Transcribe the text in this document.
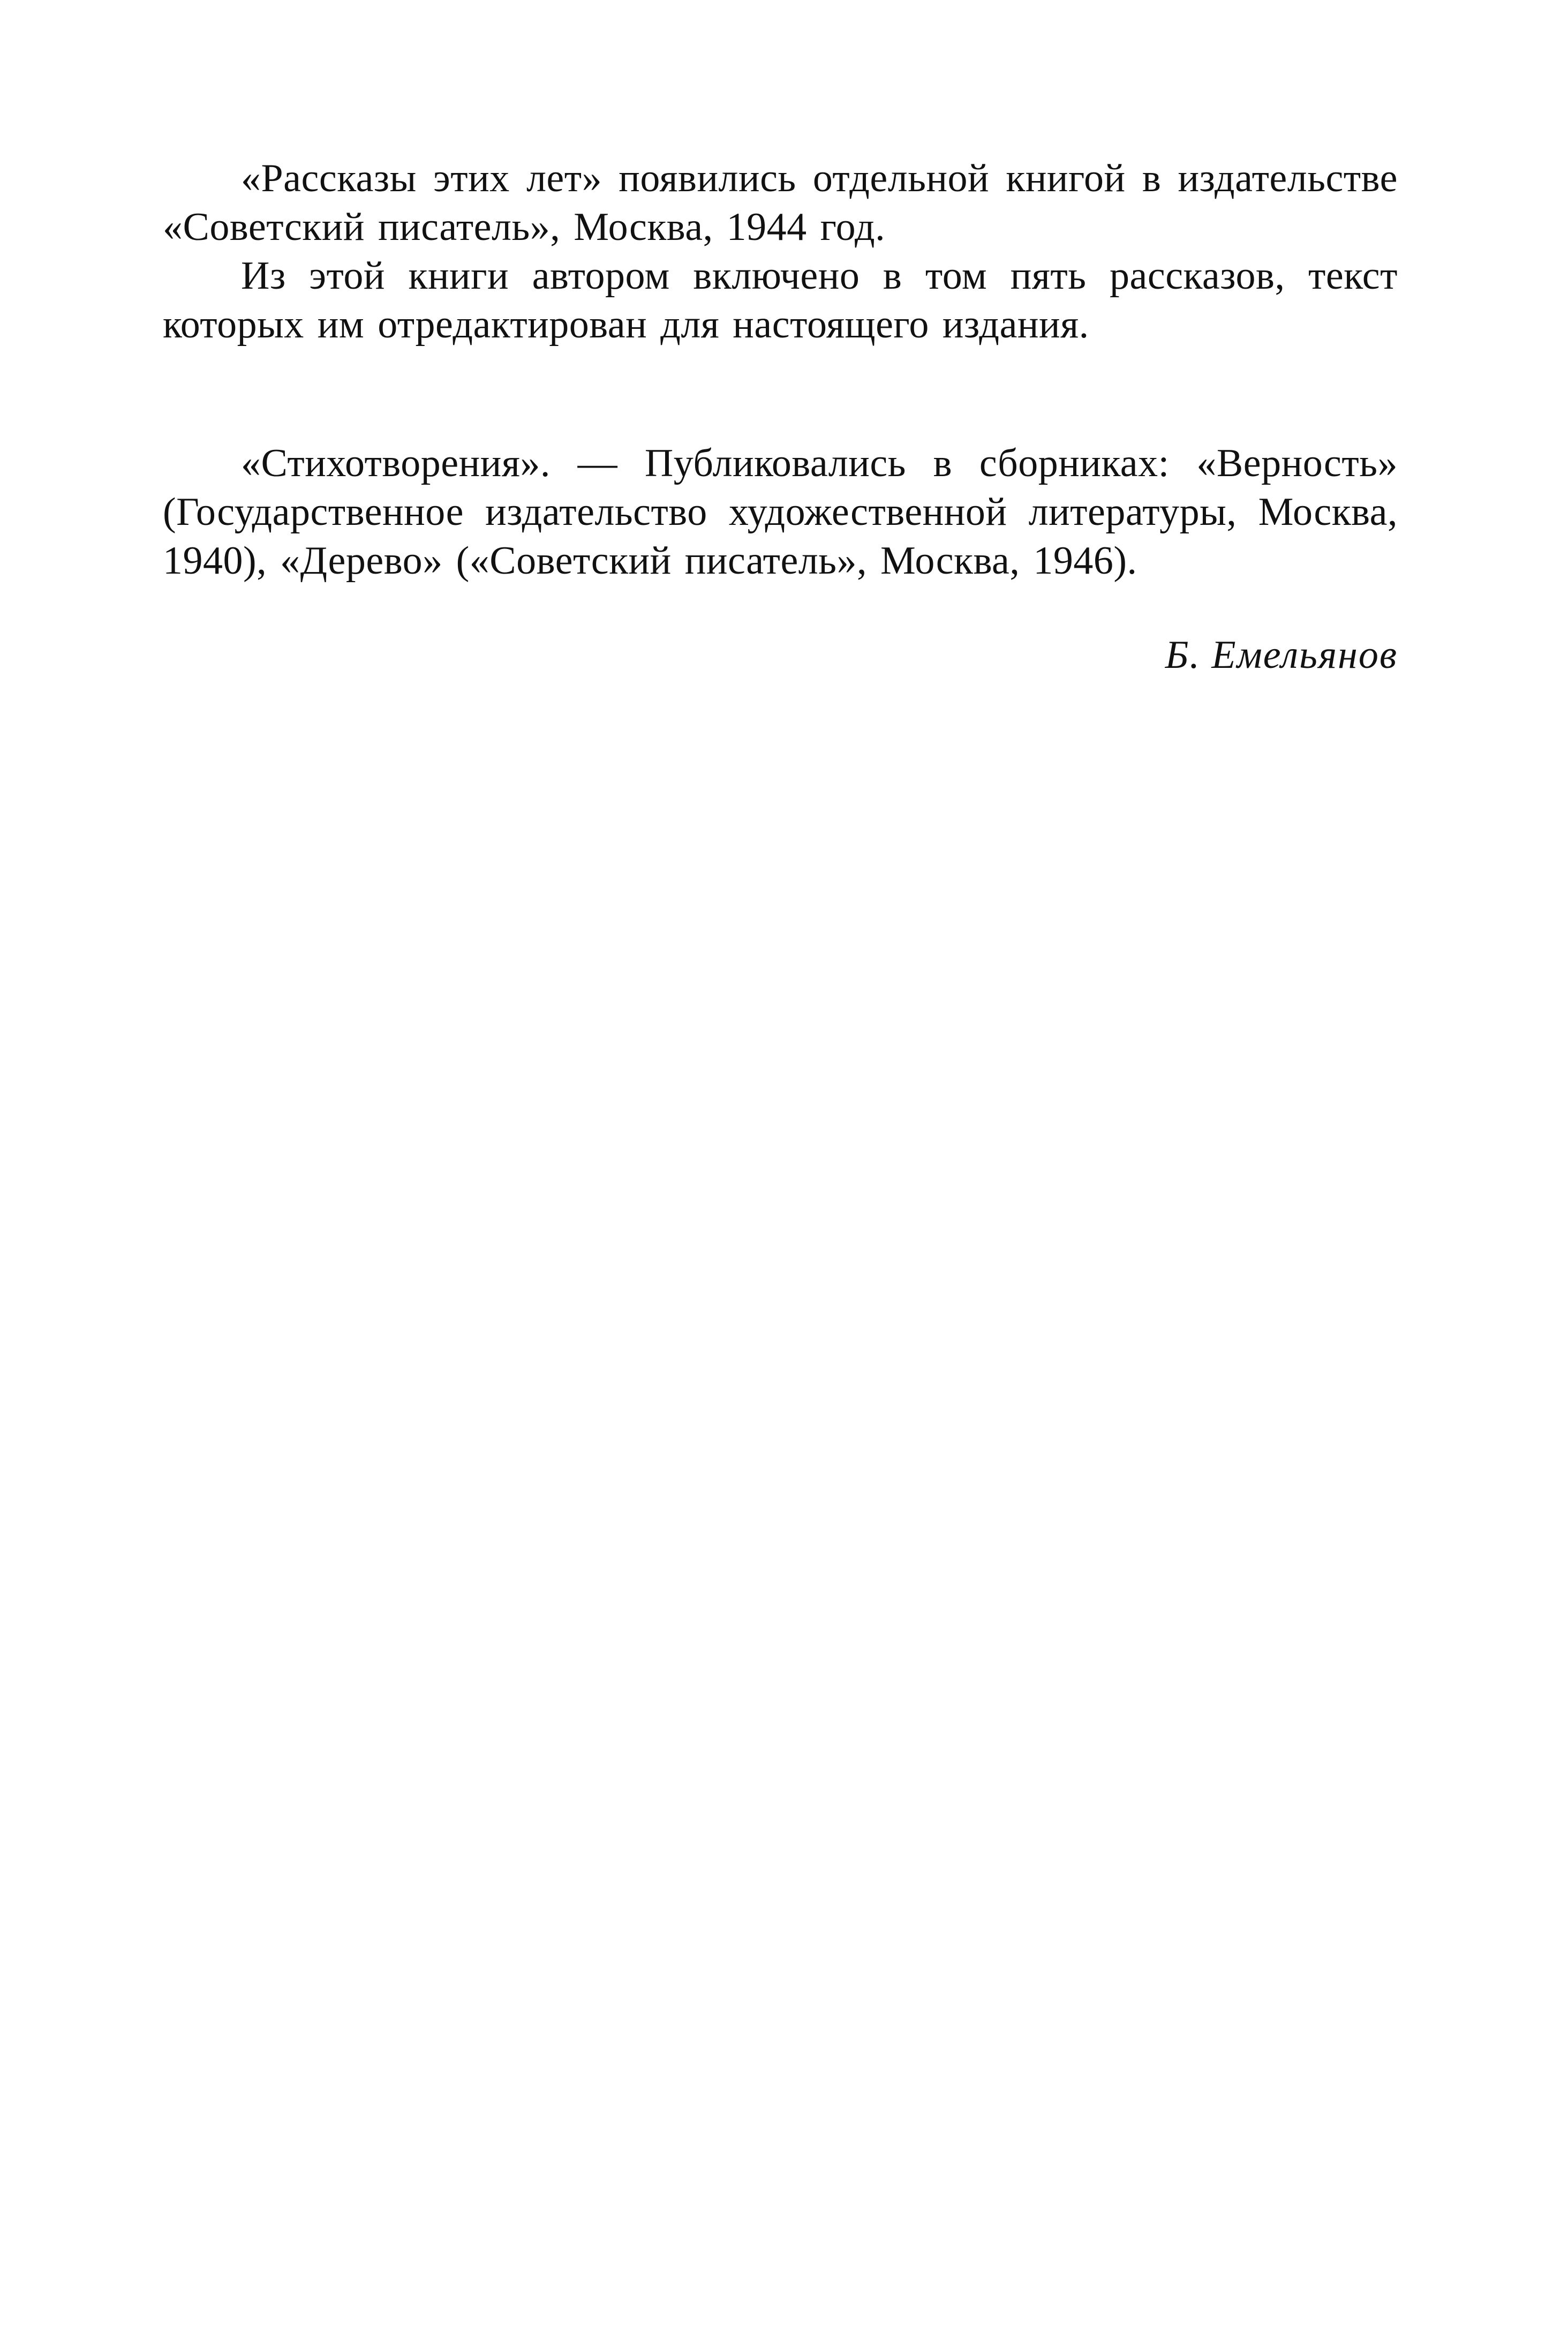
«Рассказы этих лет» появились отдельной книгой в издательстве «Советский писатель», Москва, 1944 год.

Из этой книги автором включено в том пять рассказов, текст которых им отредактирован для настоящего издания.

«Стихотворения». — Публиковались в сборниках: «Верность» (Государственное издательство художественной литературы, Москва, 1940), «Дерево» («Советский писатель», Москва, 1946).

Б. Емельянов
